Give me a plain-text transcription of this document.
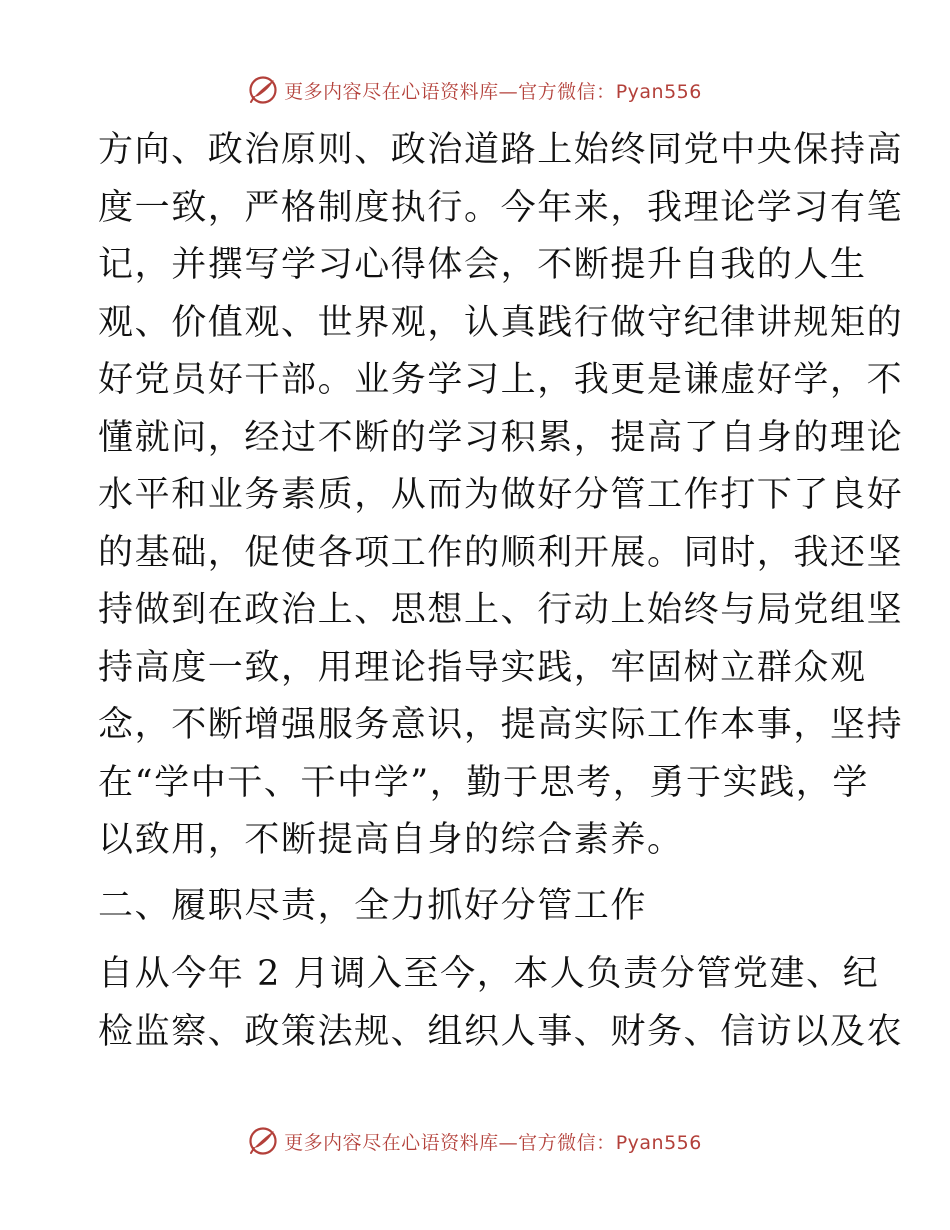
更多内容尽在心语资料库—官方微信：Pyan556
方向、政治原则、政治道路上始终同党中央保持高
度一致，严格制度执行。今年来，我理论学习有笔
记，并撰写学习心得体会，不断提升自我的人生
观、价值观、世界观，认真践行做守纪律讲规矩的
好党员好干部。业务学习上，我更是谦虚好学，不
懂就问，经过不断的学习积累，提高了自身的理论
水平和业务素质，从而为做好分管工作打下了良好
的基础，促使各项工作的顺利开展。同时，我还坚
持做到在政治上、思想上、行动上始终与局党组坚
持高度一致，用理论指导实践，牢固树立群众观
念，不断增强服务意识，提高实际工作本事，坚持
在“学中干、干中学”，勤于思考，勇于实践，学
以致用，不断提高自身的综合素养。
二、履职尽责，全力抓好分管工作
自从今年 2 月调入至今，本人负责分管党建、纪
检监察、政策法规、组织人事、财务、信访以及农
更多内容尽在心语资料库—官方微信：Pyan556
